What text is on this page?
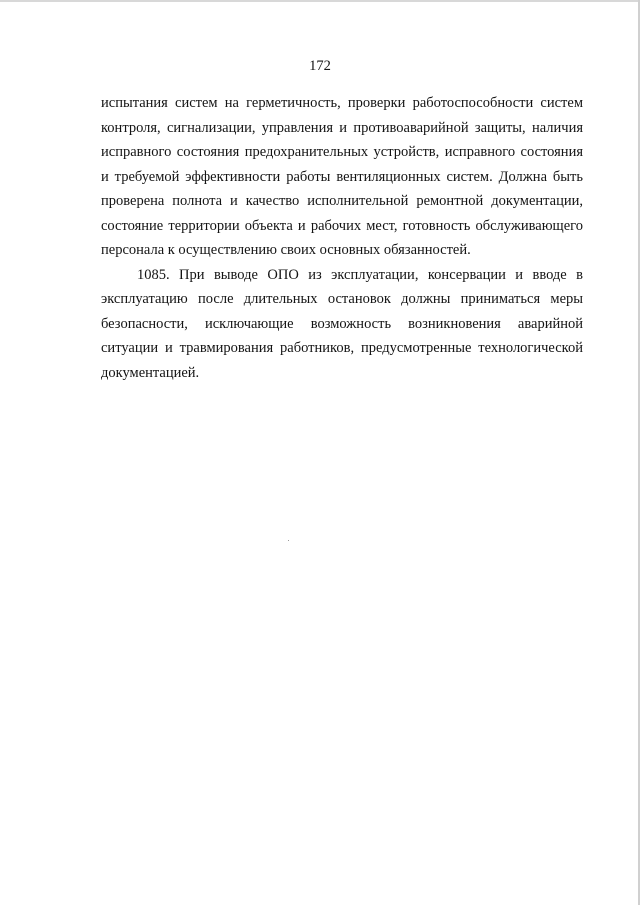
172

испытания систем на герметичность, проверки работоспособности систем контроля, сигнализации, управления и противоаварийной защиты, наличия исправного состояния предохранительных устройств, исправного состояния и требуемой эффективности работы вентиляционных систем. Должна быть проверена полнота и качество исполнительной ремонтной документации, состояние территории объекта и рабочих мест, готовность обслуживающего персонала к осуществлению своих основных обязанностей.

1085. При выводе ОПО из эксплуатации, консервации и вводе в эксплуатацию после длительных остановок должны приниматься меры безопасности, исключающие возможность возникновения аварийной ситуации и травмирования работников, предусмотренные технологической документацией.
